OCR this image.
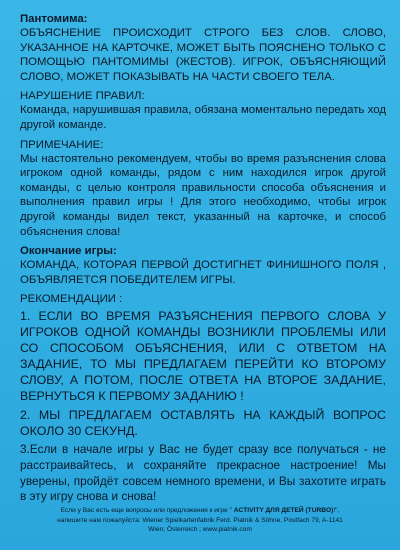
Пантомима:

ОБЪЯСНЕНИЕ ПРОИСХОДИТ СТРОГО БЕЗ СЛОВ. СЛОВО, УКАЗАННОЕ НА КАРТОЧКЕ, МОЖЕТ БЫТЬ ПОЯСНЕНО ТОЛЬКО С ПОМОЩЬЮ ПАНТОМИМЫ (ЖЕСТОВ). ИГРОК, ОБЪЯСНЯЮЩИЙ СЛОВО, МОЖЕТ ПОКАЗЫВАТЬ НА ЧАСТИ СВОЕГО ТЕЛА.

НАРУШЕНИЕ ПРАВИЛ:

Команда, нарушившая правила, обязана моментально передать ход другой команде.

ПРИМЕЧАНИЕ:

Мы настоятельно рекомендуем, чтобы во время разъяснения слова игроком одной команды, рядом с ним находился игрок другой команды, с целью контроля правильности способа объяснения и выполнения правил игры ! Для этого необходимо, чтобы игрок другой команды видел текст, указанный на карточке, и способ объяснения слова!

Окончание игры:

КОМАНДА, КОТОРАЯ ПЕРВОЙ ДОСТИГНЕТ ФИНИШНОГО ПОЛЯ , ОБЪЯВЛЯЕТСЯ ПОБЕДИТЕЛЕМ ИГРЫ.

РЕКОМЕНДАЦИИ :

1. ЕСЛИ ВО ВРЕМЯ РАЗЪЯСНЕНИЯ ПЕРВОГО СЛОВА У ИГРОКОВ ОДНОЙ КОМАНДЫ ВОЗНИКЛИ ПРОБЛЕМЫ ИЛИ СО СПОСОБОМ ОБЪЯСНЕНИЯ, ИЛИ С ОТВЕТОМ НА ЗАДАНИЕ, ТО МЫ ПРЕДЛАГАЕМ ПЕРЕЙТИ КО ВТОРОМУ СЛОВУ, А ПОТОМ, ПОСЛЕ ОТВЕТА НА ВТОРОЕ ЗАДАНИЕ, ВЕРНУТЬСЯ К ПЕРВОМУ ЗАДАНИЮ !

2. МЫ ПРЕДЛАГАЕМ ОСТАВЛЯТЬ НА КАЖДЫЙ ВОПРОС ОКОЛО 30 СЕКУНД.

3.Если в начале игры у Вас не будет сразу все получаться - не расстраивайтесь, и сохраняйте прекрасное настроение! Мы уверены, пройдёт совсем немного времени, и Вы захотите играть в эту игру снова и снова!

Если у Вас есть еще вопросы или предложения к игре " ACTIVITY ДЛЯ ДЕТЕЙ (TURBO)!",

напишите нам пожалуйста: Wiener Spielkartenfabrik Ferd. Piatnik & Söhne, Postfach 79, A-1141

Wien; Österreich ; www.piatnik.com
